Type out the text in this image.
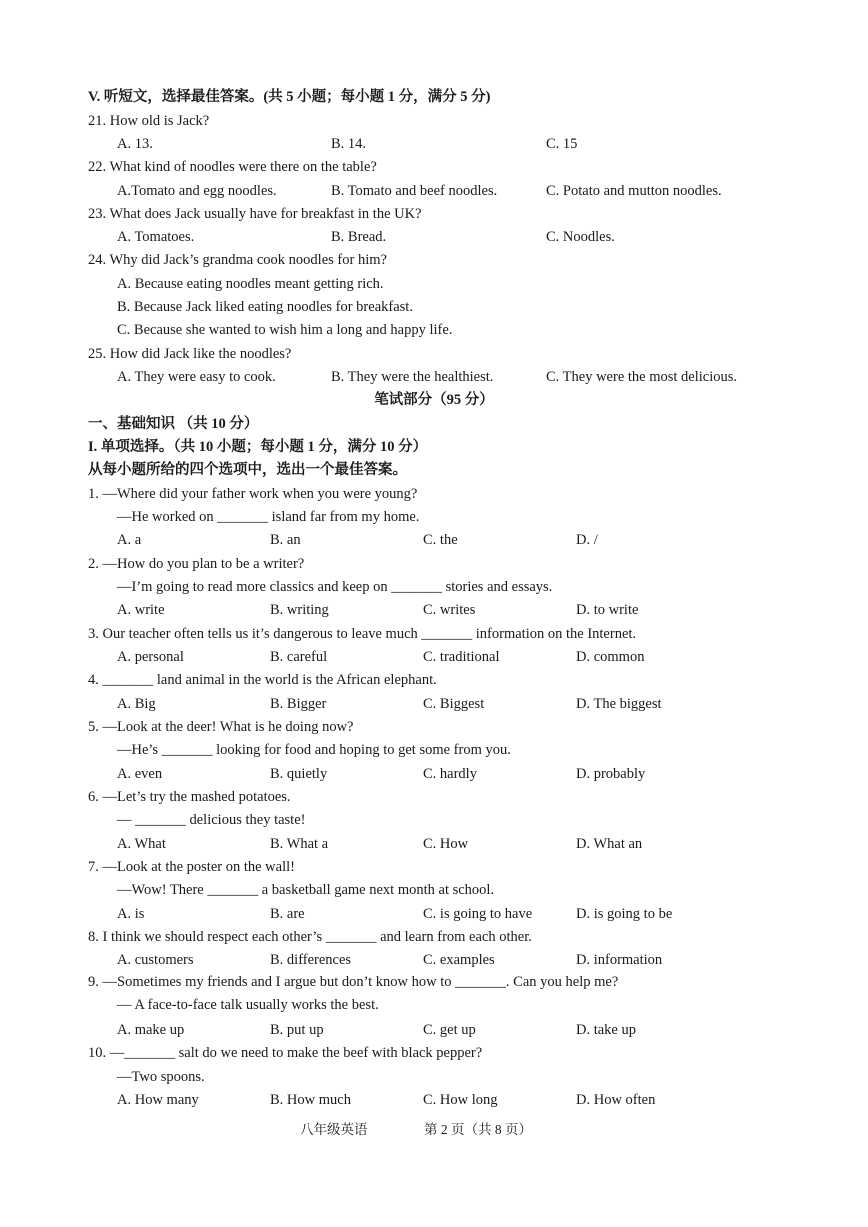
V. 听短文，选择最佳答案。(共 5 小题；每小题 1 分，满分 5 分)
21. How old is Jack?
A. 13.	B. 14.	C. 15
22. What kind of noodles were there on the table?
A.Tomato and egg noodles.	B. Tomato and beef noodles.	C. Potato and mutton noodles.
23. What does Jack usually have for breakfast in the UK?
A. Tomatoes.	B. Bread.	C. Noodles.
24. Why did Jack’s grandma cook noodles for him?
A. Because eating noodles meant getting rich.
B. Because Jack liked eating noodles for breakfast.
C. Because she wanted to wish him a long and happy life.
25. How did Jack like the noodles?
A. They were easy to cook.	B. They were the healthiest.	C. They were the most delicious.
笔试部分（95 分）
一、基础知识 （共 10 分）
I. 单项选择。（共 10 小题；每小题 1 分，满分 10 分）
从每小题所给的四个选项中，选出一个最佳答案。
1. —Where did your father work when you were young?
—He worked on _______ island far from my home.
A. a	B. an	C. the	D. /
2. —How do you plan to be a writer?
—I’m going to read more classics and keep on _______ stories and essays.
A. write	B. writing	C. writes	D. to write
3. Our teacher often tells us it’s dangerous to leave much _______ information on the Internet.
A. personal	B. careful	C. traditional	D. common
4. _______ land animal in the world is the African elephant.
A. Big	B. Bigger	C. Biggest	D. The biggest
5. —Look at the deer! What is he doing now?
—He’s _______ looking for food and hoping to get some from you.
A. even	B. quietly	C. hardly	D. probably
6. —Let’s try the mashed potatoes.
— _______ delicious they taste!
A. What	B. What a	C. How	D. What an
7. —Look at the poster on the wall!
—Wow! There _______ a basketball game next month at school.
A. is	B. are	C. is going to have	D. is going to be
8. I think we should respect each other’s _______ and learn from each other.
A. customers	B. differences	C. examples	D. information
9. —Sometimes my friends and I argue but don’t know how to _______. Can you help me?
— A face-to-face talk usually works the best.
A. make up	B. put up	C. get up	D. take up
10. —_______ salt do we need to make the beef with black pepper?
—Two spoons.
A. How many	B. How much	C. How long	D. How often
八年级英语	第 2 页（共 8 页）
